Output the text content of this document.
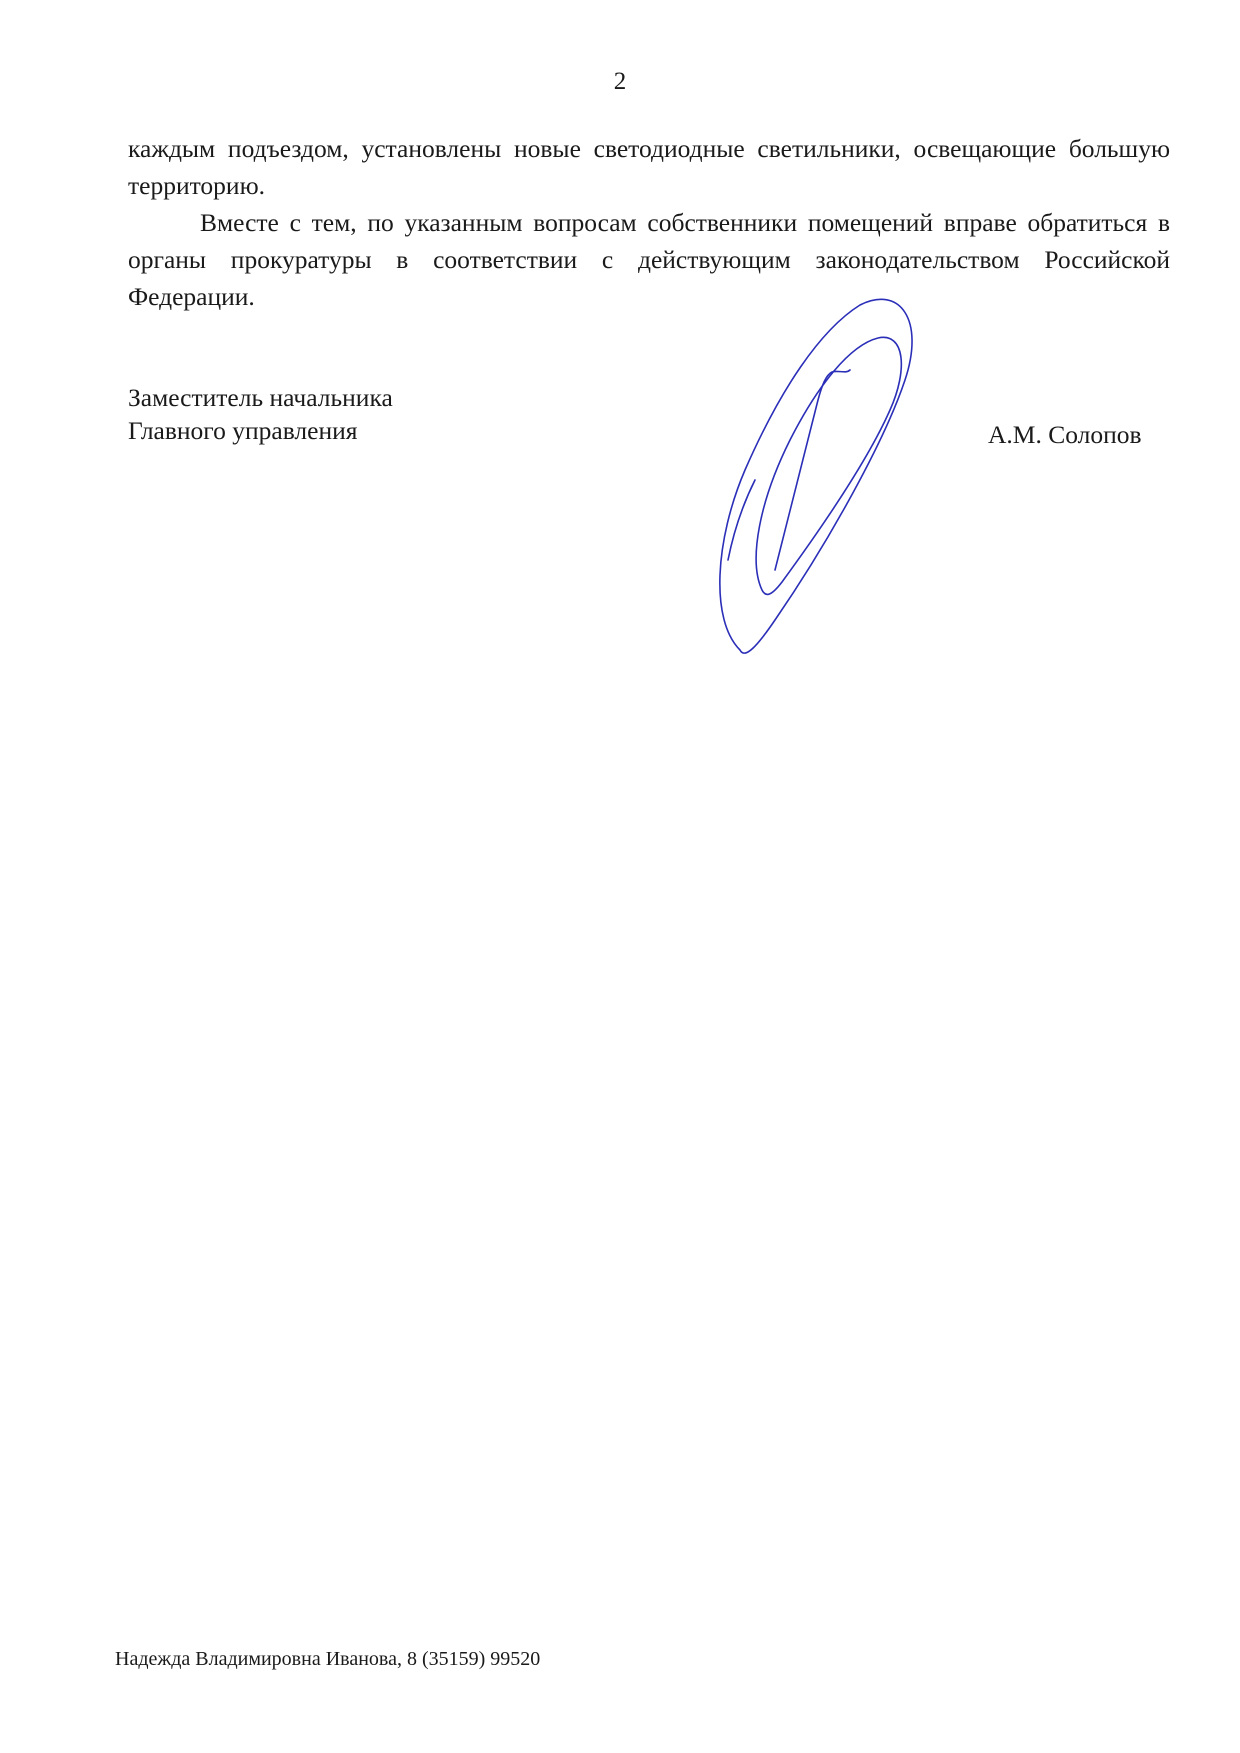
2

каждым подъездом, установлены новые светодиодные светильники, освещающие большую территорию.

Вместе с тем, по указанным вопросам собственники помещений вправе обратиться в органы прокуратуры в соответствии с действующим законодательством Российской Федерации.

Заместитель начальника
Главного управления	А.М. Солопов
Надежда Владимировна Иванова, 8 (35159) 99520
